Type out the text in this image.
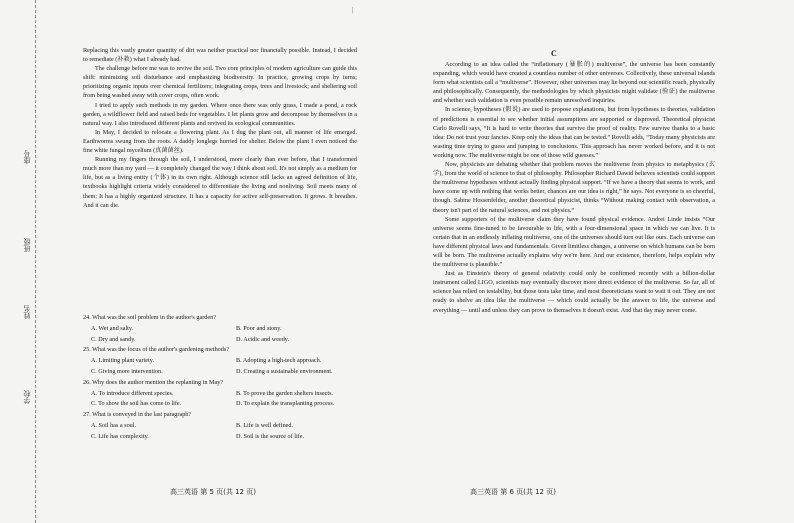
座号
班级
姓名
学校
|

Replacing this vastly greater quantity of dirt was neither practical nor financially possible. Instead, I decided to remediate (补救) what I already had.

The challenge before me was to revive the soil. Two core principles of modern agriculture can guide this shift: minimizing soil disturbance and emphasizing biodiversity. In practice, growing crops by turns; prioritizing organic inputs over chemical fertilizers; integrating crops, trees and livestock; and sheltering soil from being washed away with cover crops, often work.

I tried to apply such methods in my garden. Where once there was only grass, I made a pond, a rock garden, a wildflower field and raised beds for vegetables. I let plants grow and decompose by themselves in a natural way. I also introduced different plants and revived its ecological communities.

In May, I decided to relocate a flowering plant. As I dug the plant out, all manner of life emerged. Earthworms swung from the roots. A daddy longlegs hurried for shelter. Below the plant I even noticed the fine white fungal mycelium (真菌菌丝).

Running my fingers through the soil, I understood, more clearly than ever before, that I transformed much more than my yard — it completely changed the way I think about soil. It's not simply as a medium for life, but as a living entity (个体) in its own right. Although science still lacks an agreed definition of life, textbooks highlight criteria widely considered to differentiate the living and nonliving. Soil meets many of them: It has a highly organized structure. It has a capacity for active self-preservation. It grows. It breathes. And it can die.

24. What was the soil problem in the author's garden?

A. Wet and salty.	B. Poor and stony.
C. Dry and sandy.	D. Acidic and weedy.

25. What was the focus of the author's gardening methods?

A. Limiting plant variety.	B. Adopting a high-tech approach.
C. Giving more intervention.	D. Creating a sustainable environment.

26. Why does the author mention the replanting in May?

A. To introduce different species.	B. To prove the garden shelters insects.
C. To show the soil has come to life.	D. To explain the transplanting process.

27. What is conveyed in the last paragraph?

A. Soil has a soul.	B. Life is well defined.
C. Life has complexity.	D. Soil is the source of life.
C

According to an idea called the “inflationary (暴胀的) multiverse”, the universe has been constantly expanding, which would have created a countless number of other universes. Collectively, these universal islands form what scientists call a “multiverse”. However, other universes may lie beyond our scientific reach, physically and philosophically. Consequently, the methodologies by which physicists might validate (验证) the multiverse and whether such validation is even possible remain unresolved inquiries.

In science, hypotheses (假说) are used to propose explanations, but from hypotheses to theories, validation of predictions is essential to see whether initial assumptions are supported or disproved. Theoretical physicist Carlo Rovelli says, “It is hard to write theories that survive the proof of reality. Few survive thanks to a basic idea: Do not trust your fancies. Keep only the ideas that can be tested.” Rovelli adds, “Today many physicists are wasting time trying to guess and jumping to conclusions. This approach has never worked before, and it is not working now. The multiverse might be one of those wild guesses.”

Now, physicists are debating whether that problem moves the multiverse from physics to metaphysics (玄学), from the world of science to that of philosophy. Philosopher Richard Dawid believes scientists could support the multiverse hypotheses without actually finding physical support. “If we have a theory that seems to work, and have come up with nothing that works better, chances are our idea is right,” he says. Not everyone is so cheerful, though. Sabine Hossenfelder, another theoretical physicist, thinks “Without making contact with observation, a theory isn't part of the natural sciences, and not physics.”

Some supporters of the multiverse claim they have found physical evidence. Andrei Linde insists “Our universe seems fine-tuned to be favourable to life, with a four-dimensional space in which we can live. It is certain that in an endlessly inflating multiverse, one of the universes should turn out like ours. Each universe can have different physical laws and fundamentals. Given limitless changes, a universe on which humans can be born will be born. The multiverse actually explains why we're here. And our existence, therefore, helps explain why the multiverse is plausible.”

Just as Einstein's theory of general relativity could only be confirmed recently with a billion-dollar instrument called LIGO, scientists may eventually discover more direct evidence of the multiverse. So far, all of science has relied on testability, but those tests take time, and most theoreticians want to wait it out. They are not ready to shelve an idea like the multiverse — which could actually be the answer to life, the universe and everything — until and unless they can prove to themselves it doesn't exist. And that day may never come.

高三英语 第 5 页(共 12 页)	高三英语 第 6 页(共 12 页)
